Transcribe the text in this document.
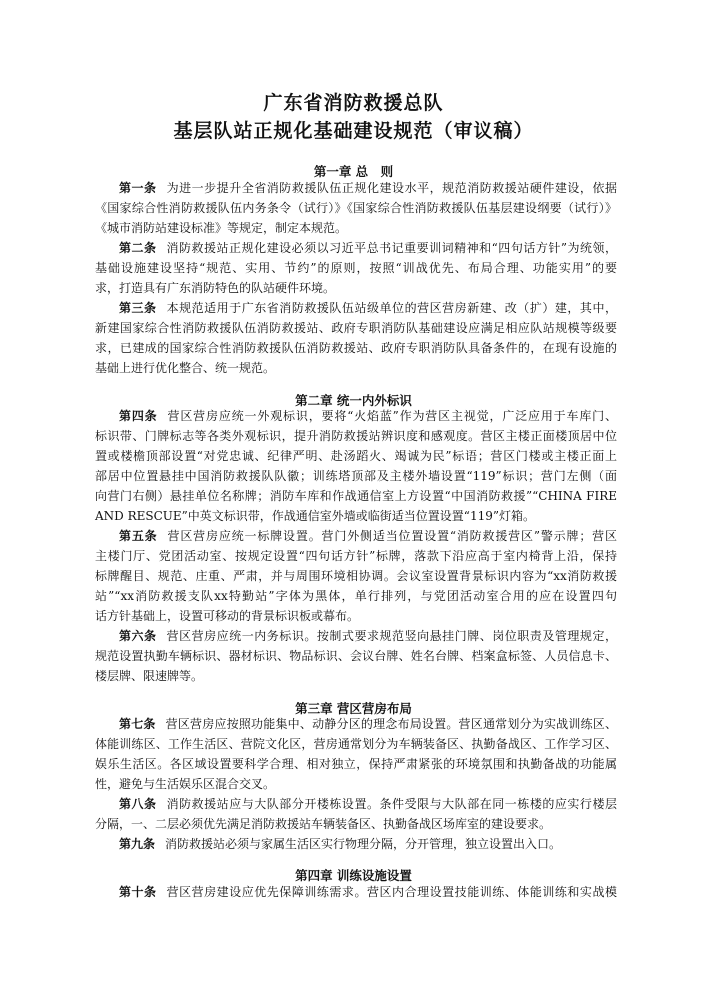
广东省消防救援总队
基层队站正规化基础建设规范（审议稿）
第一章 总　则
第一条 为进一步提升全省消防救援队伍正规化建设水平，规范消防救援站硬件建设，依据
《国家综合性消防救援队伍内务条令（试行）》《国家综合性消防救援队伍基层建设纲要（试行）》
《城市消防站建设标准》等规定，制定本规范。
第二条 消防救援站正规化建设必须以习近平总书记重要训词精神和“四句话方针”为统领，
基础设施建设坚持“规范、实用、节约”的原则，按照“训战优先、布局合理、功能实用”的要
求，打造具有广东消防特色的队站硬件环境。
第三条 本规范适用于广东省消防救援队伍站级单位的营区营房新建、改（扩）建，其中，
新建国家综合性消防救援队伍消防救援站、政府专职消防队基础建设应满足相应队站规模等级要
求，已建成的国家综合性消防救援队伍消防救援站、政府专职消防队具备条件的，在现有设施的
基础上进行优化整合、统一规范。
第二章 统一内外标识
第四条 营区营房应统一外观标识，要将“火焰蓝”作为营区主视觉，广泛应用于车库门、
标识带、门牌标志等各类外观标识，提升消防救援站辨识度和感观度。营区主楼正面楼顶居中位
置或楼檐顶部设置“对党忠诚、纪律严明、赴汤蹈火、竭诚为民”标语；营区门楼或主楼正面上
部居中位置悬挂中国消防救援队队徽；训练塔顶部及主楼外墙设置“119”标识；营门左侧（面
向营门右侧）悬挂单位名称牌；消防车库和作战通信室上方设置“中国消防救援”“CHINA FIRE
AND RESCUE”中英文标识带，作战通信室外墙或临街适当位置设置“119”灯箱。
第五条 营区营房应统一标牌设置。营门外侧适当位置设置“消防救援营区”警示牌；营区
主楼门厅、党团活动室、按规定设置“四句话方针”标牌，落款下沿应高于室内椅背上沿，保持
标牌醒目、规范、庄重、严肃，并与周围环境相协调。会议室设置背景标识内容为“xx消防救援
站”“xx消防救援支队xx特勤站”字体为黑体，单行排列，与党团活动室合用的应在设置四句
话方针基础上，设置可移动的背景标识板或幕布。
第六条 营区营房应统一内务标识。按制式要求规范竖向悬挂门牌、岗位职责及管理规定，
规范设置执勤车辆标识、器材标识、物品标识、会议台牌、姓名台牌、档案盒标签、人员信息卡、
楼层牌、限速牌等。
第三章 营区营房布局
第七条 营区营房应按照功能集中、动静分区的理念布局设置。营区通常划分为实战训练区、
体能训练区、工作生活区、营院文化区，营房通常划分为车辆装备区、执勤备战区、工作学习区、
娱乐生活区。各区域设置要科学合理、相对独立，保持严肃紧张的环境氛围和执勤备战的功能属
性，避免与生活娱乐区混合交叉。
第八条 消防救援站应与大队部分开楼栋设置。条件受限与大队部在同一栋楼的应实行楼层
分隔，一、二层必须优先满足消防救援站车辆装备区、执勤备战区场库室的建设要求。
第九条 消防救援站必须与家属生活区实行物理分隔，分开管理，独立设置出入口。
第四章 训练设施设置
第十条 营区营房建设应优先保障训练需求。营区内合理设置技能训练、体能训练和实战模
